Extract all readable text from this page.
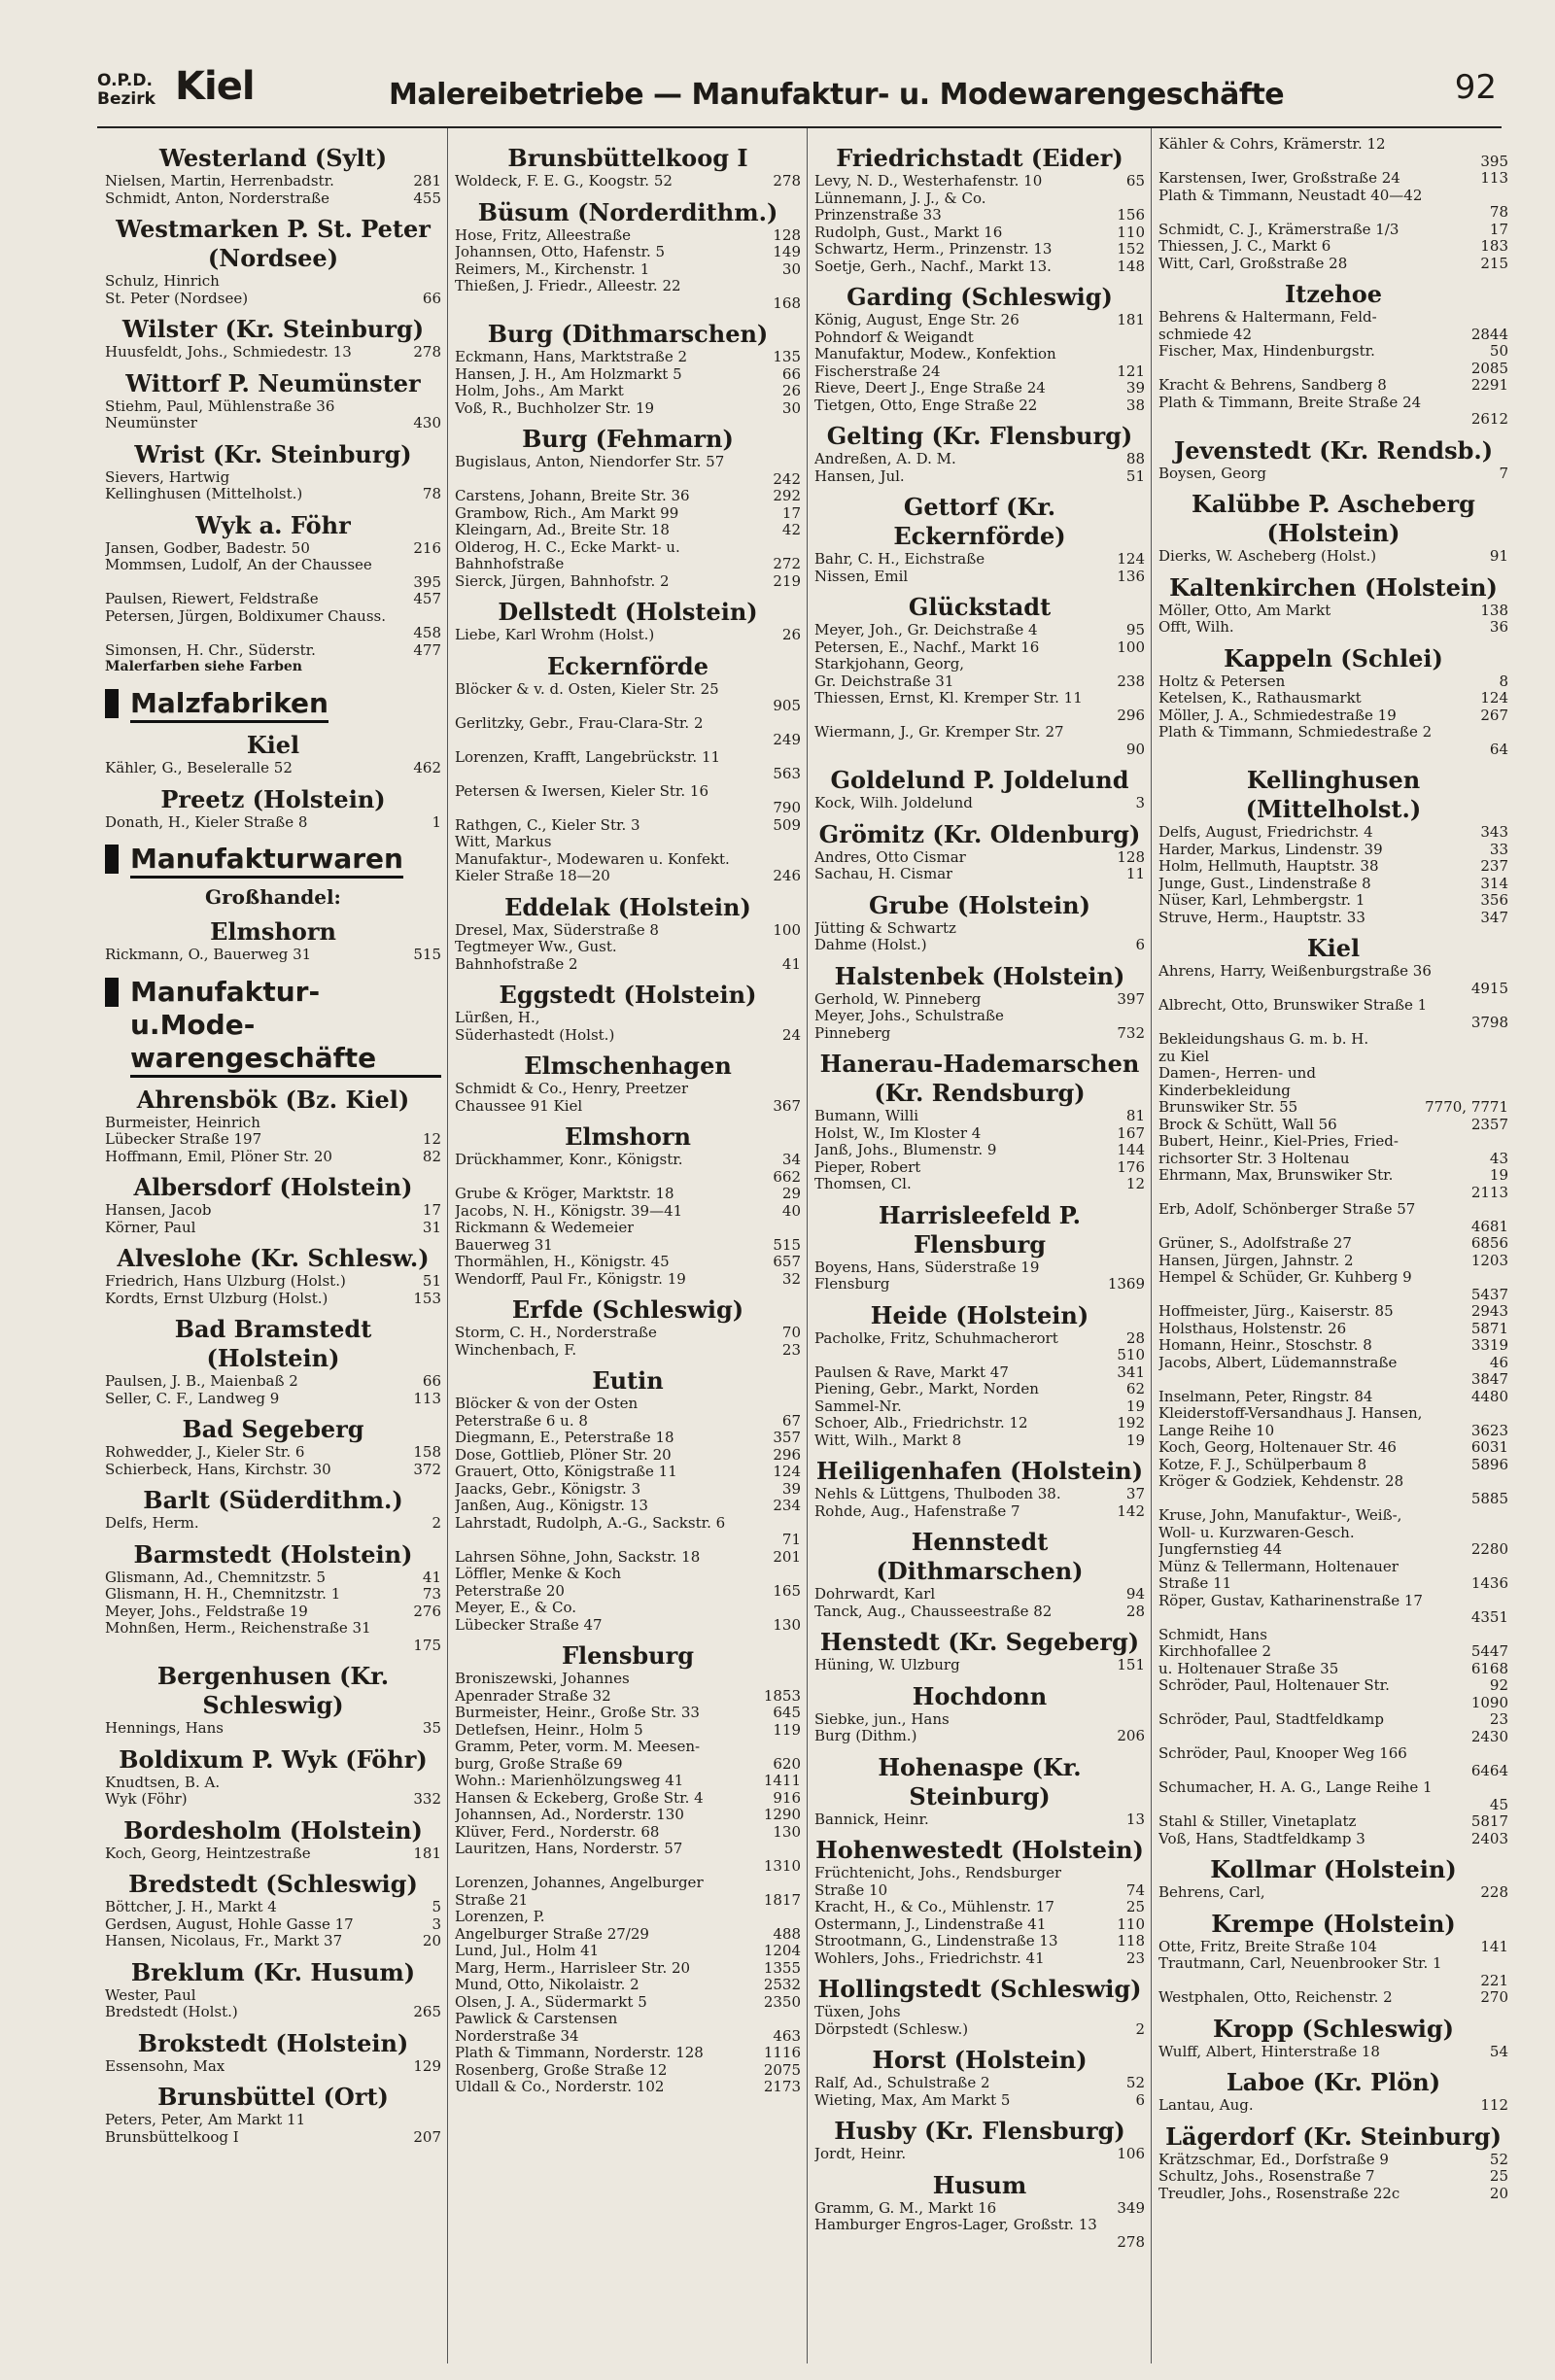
O.P.D.
Bezirk Kiel	Malereibetriebe — Manufaktur- u. Modewarengeschäfte	92
Westerland (Sylt)
Nielsen, Martin, Herrenbadstr.	281
Schmidt, Anton, Norderstraße	455
Westmarken P. St. Peter (Nordsee)
Schulz, Hinrich
St. Peter (Nordsee)	66
Wilster (Kr. Steinburg)
Huusfeldt, Johs., Schmiedestr. 13	278
Wittorf P. Neumünster
Stiehm, Paul, Mühlenstraße 36
Neumünster	430
Wrist (Kr. Steinburg)
Sievers, Hartwig
Kellinghusen (Mittelholst.)	78
Wyk a. Föhr
Jansen, Godber, Badestr. 50	216
Mommsen, Ludolf, An der Chaussee
395
Paulsen, Riewert, Feldstraße	457
Petersen, Jürgen, Boldixumer Chauss.
458
Simonsen, H. Chr., Süderstr.	477
Malerfarben siehe Farben
Malzfabriken
Kiel
Kähler, G., Beseleralle 52	462
Preetz (Holstein)
Donath, H., Kieler Straße 8	1
Manufakturwaren
Großhandel:
Elmshorn
Rickmann, O., Bauerweg 31	515
Manufaktur-u.Mode-warengeschäfte
Ahrensbök (Bz. Kiel)
Burmeister, Heinrich
Lübecker Straße 197	12
Hoffmann, Emil, Plöner Str. 20	82
Albersdorf (Holstein)
Hansen, Jacob	17
Körner, Paul	31
Alveslohe (Kr. Schlesw.)
Friedrich, Hans Ulzburg (Holst.)	51
Kordts, Ernst Ulzburg (Holst.)	153
Bad Bramstedt (Holstein)
Paulsen, J. B., Maienbaß 2	66
Seller, C. F., Landweg 9	113
Bad Segeberg
Rohwedder, J., Kieler Str. 6	158
Schierbeck, Hans, Kirchstr. 30	372
Barlt (Süderdithm.)
Delfs, Herm.	2
Barmstedt (Holstein)
Glismann, Ad., Chemnitzstr. 5	41
Glismann, H. H., Chemnitzstr. 1	73
Meyer, Johs., Feldstraße 19	276
Mohnßen, Herm., Reichenstraße 31
175
Bergenhusen (Kr. Schleswig)
Hennings, Hans	35
Boldixum P. Wyk (Föhr)
Knudtsen, B. A.
Wyk (Föhr)	332
Bordesholm (Holstein)
Koch, Georg, Heintzestraße	181
Bredstedt (Schleswig)
Böttcher, J. H., Markt 4	5
Gerdsen, August, Hohle Gasse 17	3
Hansen, Nicolaus, Fr., Markt 37	20
Breklum (Kr. Husum)
Wester, Paul
Bredstedt (Holst.)	265
Brokstedt (Holstein)
Essensohn, Max	129
Brunsbüttel (Ort)
Peters, Peter, Am Markt 11
Brunsbüttelkoog I	207
Brunsbüttelkoog I
Woldeck, F. E. G., Koogstr. 52	278
Büsum (Norderdithm.)
Hose, Fritz, Alleestraße	128
Johannsen, Otto, Hafenstr. 5	149
Reimers, M., Kirchenstr. 1	30
Thießen, J. Friedr., Alleestr. 22
168
Burg (Dithmarschen)
Eckmann, Hans, Marktstraße 2	135
Hansen, J. H., Am Holzmarkt 5	66
Holm, Johs., Am Markt	26
Voß, R., Buchholzer Str. 19	30
Burg (Fehmarn)
Bugislaus, Anton, Niendorfer Str. 57
242
Carstens, Johann, Breite Str. 36	292
Grambow, Rich., Am Markt 99	17
Kleingarn, Ad., Breite Str. 18	42
Olderog, H. C., Ecke Markt- u.
Bahnhofstraße	272
Sierck, Jürgen, Bahnhofstr. 2	219
Dellstedt (Holstein)
Liebe, Karl Wrohm (Holst.)	26
Eckernförde
Blöcker & v. d. Osten, Kieler Str. 25
905
Gerlitzky, Gebr., Frau-Clara-Str. 2
249
Lorenzen, Krafft, Langebrückstr. 11
563
Petersen & Iwersen, Kieler Str. 16
790
Rathgen, C., Kieler Str. 3	509
Witt, Markus
Manufaktur-, Modewaren u. Konfekt.
Kieler Straße 18—20	246
Eddelak (Holstein)
Dresel, Max, Süderstraße 8	100
Tegtmeyer Ww., Gust.
Bahnhofstraße 2	41
Eggstedt (Holstein)
Lürßen, H.,
Süderhastedt (Holst.)	24
Elmschenhagen
Schmidt & Co., Henry, Preetzer
Chaussee 91 Kiel	367
Elmshorn
Drückhammer, Konr., Königstr.	34
662
Grube & Kröger, Marktstr. 18	29
Jacobs, N. H., Königstr. 39—41	40
Rickmann & Wedemeier
Bauerweg 31	515
Thormählen, H., Königstr. 45	657
Wendorff, Paul Fr., Königstr. 19	32
Erfde (Schleswig)
Storm, C. H., Norderstraße	70
Winchenbach, F.	23
Eutin
Blöcker & von der Osten
Peterstraße 6 u. 8	67
Diegmann, E., Peterstraße 18	357
Dose, Gottlieb, Plöner Str. 20	296
Grauert, Otto, Königstraße 11	124
Jaacks, Gebr., Königstr. 3	39
Janßen, Aug., Königstr. 13	234
Lahrstadt, Rudolph, A.-G., Sackstr. 6
71
Lahrsen Söhne, John, Sackstr. 18	201
Löffler, Menke & Koch
Peterstraße 20	165
Meyer, E., & Co.
Lübecker Straße 47	130
Flensburg
Broniszewski, Johannes
Apenrader Straße 32	1853
Burmeister, Heinr., Große Str. 33	645
Detlefsen, Heinr., Holm 5	119
Gramm, Peter, vorm. M. Meesen-
burg, Große Straße 69	620
Wohn.: Marienhölzungsweg 41	1411
Hansen & Eckeberg, Große Str. 4	916
Johannsen, Ad., Norderstr. 130	1290
Klüver, Ferd., Norderstr. 68	130
Lauritzen, Hans, Norderstr. 57
1310
Lorenzen, Johannes, Angelburger
Straße 21	1817
Lorenzen, P.
Angelburger Straße 27/29	488
Lund, Jul., Holm 41	1204
Marg, Herm., Harrisleer Str. 20	1355
Mund, Otto, Nikolaistr. 2	2532
Olsen, J. A., Südermarkt 5	2350
Pawlick & Carstensen
Norderstraße 34	463
Plath & Timmann, Norderstr. 128	1116
Rosenberg, Große Straße 12	2075
Uldall & Co., Norderstr. 102	2173
Friedrichstadt (Eider)
Levy, N. D., Westerhafenstr. 10	65
Lünnemann, J. J., & Co.
Prinzenstraße 33	156
Rudolph, Gust., Markt 16	110
Schwartz, Herm., Prinzenstr. 13	152
Soetje, Gerh., Nachf., Markt 13.	148
Garding (Schleswig)
König, August, Enge Str. 26	181
Pohndorf & Weigandt
Manufaktur, Modew., Konfektion
Fischerstraße 24	121
Rieve, Deert J., Enge Straße 24	39
Tietgen, Otto, Enge Straße 22	38
Gelting (Kr. Flensburg)
Andreßen, A. D. M.	88
Hansen, Jul.	51
Gettorf (Kr. Eckernförde)
Bahr, C. H., Eichstraße	124
Nissen, Emil	136
Glückstadt
Meyer, Joh., Gr. Deichstraße 4	95
Petersen, E., Nachf., Markt 16	100
Starkjohann, Georg,
Gr. Deichstraße 31	238
Thiessen, Ernst, Kl. Kremper Str. 11
296
Wiermann, J., Gr. Kremper Str. 27
90
Goldelund P. Joldelund
Kock, Wilh. Joldelund	3
Grömitz (Kr. Oldenburg)
Andres, Otto Cismar	128
Sachau, H. Cismar	11
Grube (Holstein)
Jütting & Schwartz
Dahme (Holst.)	6
Halstenbek (Holstein)
Gerhold, W. Pinneberg	397
Meyer, Johs., Schulstraße
Pinneberg	732
Hanerau-Hademarschen (Kr. Rendsburg)
Bumann, Willi	81
Holst, W., Im Kloster 4	167
Janß, Johs., Blumenstr. 9	144
Pieper, Robert	176
Thomsen, Cl.	12
Harrisleefeld P. Flensburg
Boyens, Hans, Süderstraße 19
Flensburg	1369
Heide (Holstein)
Pacholke, Fritz, Schuhmacherort	28
510
Paulsen & Rave, Markt 47	341
Piening, Gebr., Markt, Norden	62
Sammel-Nr.	19
Schoer, Alb., Friedrichstr. 12	192
Witt, Wilh., Markt 8	19
Heiligenhafen (Holstein)
Nehls & Lüttgens, Thulboden 38.	37
Rohde, Aug., Hafenstraße 7	142
Hennstedt (Dithmarschen)
Dohrwardt, Karl	94
Tanck, Aug., Chausseestraße 82	28
Henstedt (Kr. Segeberg)
Hüning, W. Ulzburg	151
Hochdonn
Siebke, jun., Hans
Burg (Dithm.)	206
Hohenaspe (Kr. Steinburg)
Bannick, Heinr.	13
Hohenwestedt (Holstein)
Früchtenicht, Johs., Rendsburger
Straße 10	74
Kracht, H., & Co., Mühlenstr. 17	25
Ostermann, J., Lindenstraße 41	110
Strootmann, G., Lindenstraße 13	118
Wohlers, Johs., Friedrichstr. 41	23
Hollingstedt (Schleswig)
Tüxen, Johs
Dörpstedt (Schlesw.)	2
Horst (Holstein)
Ralf, Ad., Schulstraße 2	52
Wieting, Max, Am Markt 5	6
Husby (Kr. Flensburg)
Jordt, Heinr.	106
Husum
Gramm, G. M., Markt 16	349
Hamburger Engros-Lager, Großstr. 13
278
Kähler & Cohrs, Krämerstr. 12
395
Karstensen, Iwer, Großstraße 24	113
Plath & Timmann, Neustadt 40—42
78
Schmidt, C. J., Krämerstraße 1/3	17
Thiessen, J. C., Markt 6	183
Witt, Carl, Großstraße 28	215
Itzehoe
Behrens & Haltermann, Feld-
schmiede 42	2844
Fischer, Max, Hindenburgstr.	50
2085
Kracht & Behrens, Sandberg 8	2291
Plath & Timmann, Breite Straße 24
2612
Jevenstedt (Kr. Rendsb.)
Boysen, Georg	7
Kalübbe P. Ascheberg (Holstein)
Dierks, W. Ascheberg (Holst.)	91
Kaltenkirchen (Holstein)
Möller, Otto, Am Markt	138
Offt, Wilh.	36
Kappeln (Schlei)
Holtz & Petersen	8
Ketelsen, K., Rathausmarkt	124
Möller, J. A., Schmiedestraße 19	267
Plath & Timmann, Schmiedestraße 2
64
Kellinghusen (Mittelholst.)
Delfs, August, Friedrichstr. 4	343
Harder, Markus, Lindenstr. 39	33
Holm, Hellmuth, Hauptstr. 38	237
Junge, Gust., Lindenstraße 8	314
Nüser, Karl, Lehmbergstr. 1	356
Struve, Herm., Hauptstr. 33	347
Kiel
Ahrens, Harry, Weißenburgstraße 36
4915
Albrecht, Otto, Brunswiker Straße 1
3798
Bekleidungshaus G. m. b. H.
zu Kiel
Damen-, Herren- und
Kinderbekleidung
Brunswiker Str. 55	7770, 7771
Brock & Schütt, Wall 56	2357
Bubert, Heinr., Kiel-Pries, Fried-
richsorter Str. 3 Holtenau	43
Ehrmann, Max, Brunswiker Str.	19
2113
Erb, Adolf, Schönberger Straße 57
4681
Grüner, S., Adolfstraße 27	6856
Hansen, Jürgen, Jahnstr. 2	1203
Hempel & Schüder, Gr. Kuhberg 9
5437
Hoffmeister, Jürg., Kaiserstr. 85	2943
Holsthaus, Holstenstr. 26	5871
Homann, Heinr., Stoschstr. 8	3319
Jacobs, Albert, Lüdemannstraße	46
3847
Inselmann, Peter, Ringstr. 84	4480
Kleiderstoff-Versandhaus J. Hansen,
Lange Reihe 10	3623
Koch, Georg, Holtenauer Str. 46	6031
Kotze, F. J., Schülperbaum 8	5896
Kröger & Godziek, Kehdenstr. 28
5885
Kruse, John, Manufaktur-, Weiß-,
Woll- u. Kurzwaren-Gesch.
Jungfernstieg 44	2280
Münz & Tellermann, Holtenauer
Straße 11	1436
Röper, Gustav, Katharinenstraße 17
4351
Schmidt, Hans
Kirchhofallee 2	5447
u. Holtenauer Straße 35	6168
Schröder, Paul, Holtenauer Str.	92
1090
Schröder, Paul, Stadtfeldkamp	23
2430
Schröder, Paul, Knooper Weg 166
6464
Schumacher, H. A. G., Lange Reihe 1
45
Stahl & Stiller, Vinetaplatz	5817
Voß, Hans, Stadtfeldkamp 3	2403
Kollmar (Holstein)
Behrens, Carl,	228
Krempe (Holstein)
Otte, Fritz, Breite Straße 104	141
Trautmann, Carl, Neuenbrooker Str. 1
221
Westphalen, Otto, Reichenstr. 2	270
Kropp (Schleswig)
Wulff, Albert, Hinterstraße 18	54
Laboe (Kr. Plön)
Lantau, Aug.	112
Lägerdorf (Kr. Steinburg)
Krätzschmar, Ed., Dorfstraße 9	52
Schultz, Johs., Rosenstraße 7	25
Treudler, Johs., Rosenstraße 22c	20
